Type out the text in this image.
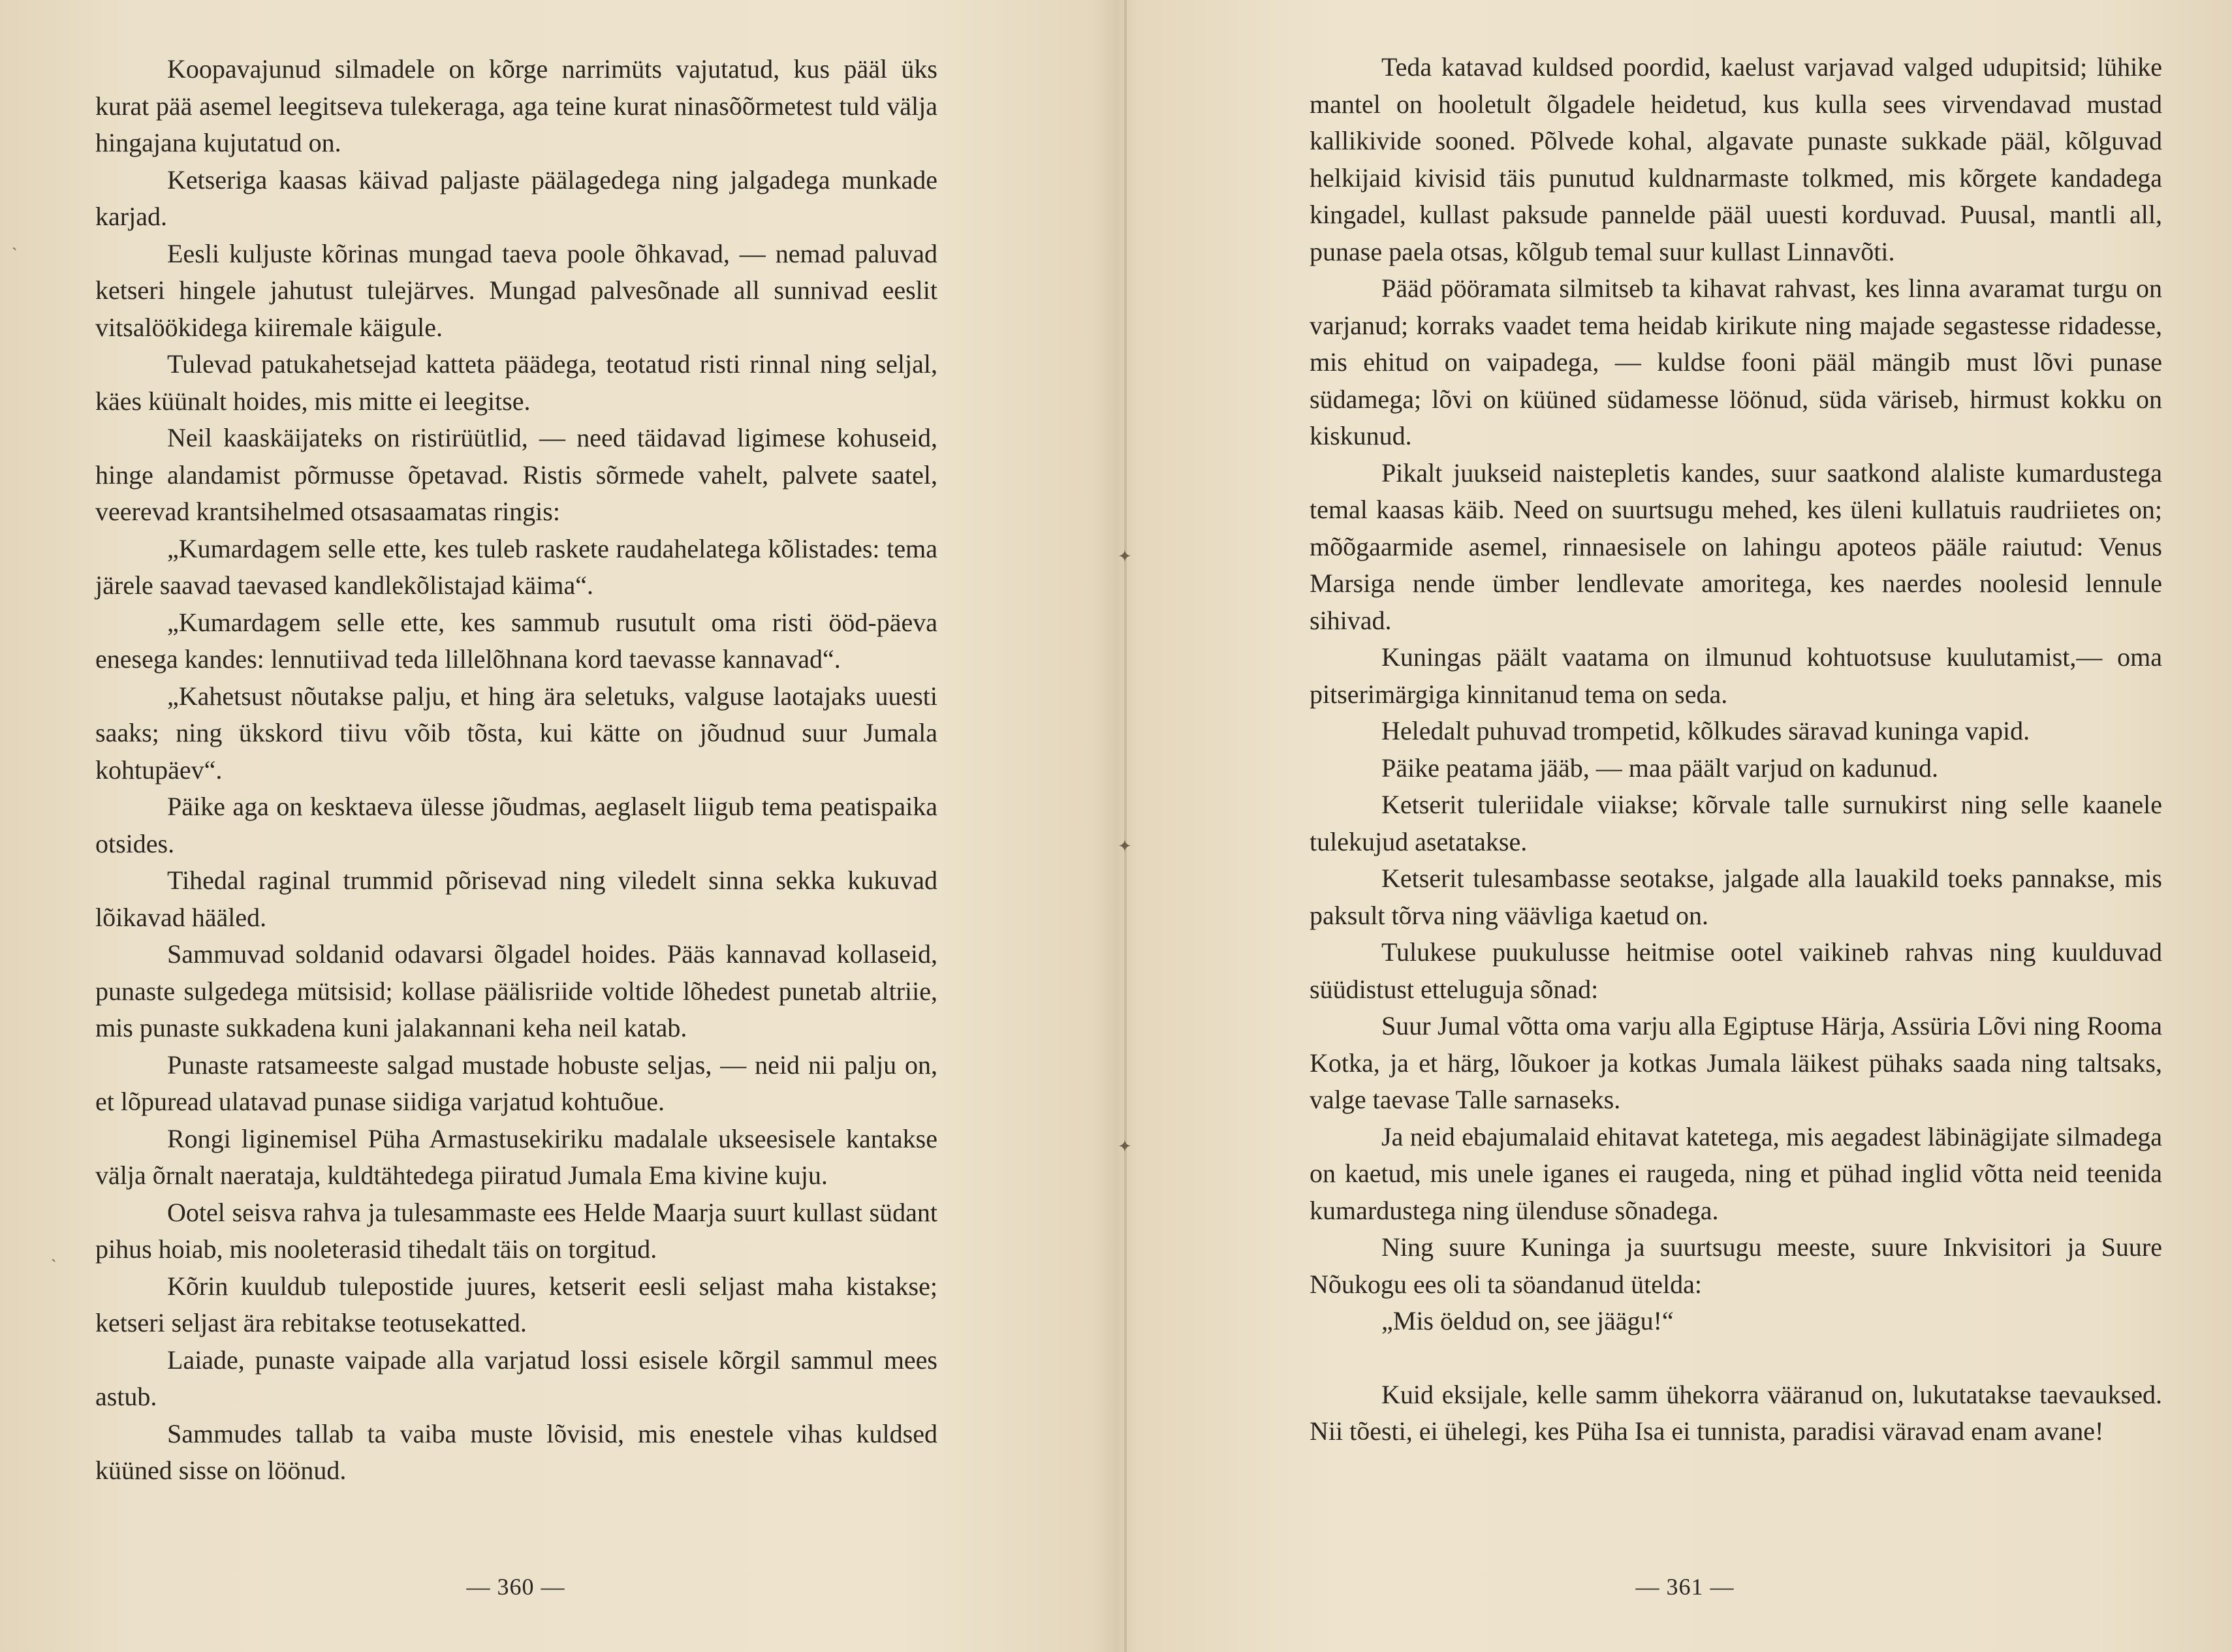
Koopavajunud silmadele on kõrge narrimüts vajutatud, kus pääl üks kurat pää asemel leegitseva tulekeraga, aga teine kurat ninasõõrmetest tuld välja hingajana kujutatud on.

Ketseriga kaasas käivad paljaste päälagedega ning jalgadega munkade karjad.

Eesli kuljuste kõrinas mungad taeva poole õhkavad, — nemad paluvad ketseri hingele jahutust tulejärves. Mungad palvesõnade all sunnivad eeslit vitsalöökidega kiiremale käigule.

Tulevad patukahetsejad katteta päädega, teotatud risti rinnal ning seljal, käes küünalt hoides, mis mitte ei leegitse.

Neil kaaskäijateks on ristirüütlid, — need täidavad ligimese kohuseid, hinge alandamist põrmusse õpetavad. Ristis sõrmede vahelt, palvete saatel, veerevad krantsihelmed otsasaamatas ringis:

„Kumardagem selle ette, kes tuleb raskete raudahelatega kõlistades: tema järele saavad taevased kandlekõlistajad käima“.

„Kumardagem selle ette, kes sammub rusutult oma risti ööd-päeva enesega kandes: lennutiivad teda lillelõhnana kord taevasse kannavad“.

„Kahetsust nõutakse palju, et hing ära seletuks, valguse laotajaks uuesti saaks; ning ükskord tiivu võib tõsta, kui kätte on jõudnud suur Jumala kohtupäev“.

Päike aga on kesktaeva ülesse jõudmas, aeglaselt liigub tema peatispaika otsides.

Tihedal raginal trummid põrisevad ning viledelt sinna sekka kukuvad lõikavad hääled.

Sammuvad soldanid odavarsi õlgadel hoides. Pääs kannavad kollaseid, punaste sulgedega mütsisid; kollase päälisriide voltide lõhedest punetab altriie, mis punaste sukkadena kuni jalakannani keha neil katab.

Punaste ratsameeste salgad mustade hobuste seljas, — neid nii palju on, et lõpuread ulatavad punase siidiga varjatud kohtuõue.

Rongi liginemisel Püha Armastusekiriku madalale ukseesisele kantakse välja õrnalt naerataja, kuldtähtedega piiratud Jumala Ema kivine kuju.

Ootel seisva rahva ja tulesammaste ees Helde Maarja suurt kullast südant pihus hoiab, mis nooleterasid tihedalt täis on torgitud.

Kõrin kuuldub tulepostide juures, ketserit eesli seljast maha kistakse; ketseri seljast ära rebitakse teotusekatted.

Laiade, punaste vaipade alla varjatud lossi esisele kõrgil sammul mees astub.

Sammudes tallab ta vaiba muste lõvisid, mis enestele vihas kuldsed küüned sisse on löönud.

— 360 —
ˏ
ˏ

Teda katavad kuldsed poordid, kaelust varjavad valged udupitsid; lühike mantel on hooletult õlgadele heidetud, kus kulla sees virvendavad mustad kallikivide sooned. Põlvede kohal, algavate punaste sukkade pääl, kõlguvad helkijaid kivisid täis punutud kuldnarmaste tolkmed, mis kõrgete kandadega kingadel, kullast paksude pannelde pääl uuesti korduvad. Puusal, mantli all, punase paela otsas, kõlgub temal suur kullast Linnavõti.

Pääd pööramata silmitseb ta kihavat rahvast, kes linna avaramat turgu on varjanud; korraks vaadet tema heidab kirikute ning majade segastesse ridadesse, mis ehitud on vaipadega, — kuldse fooni pääl mängib must lõvi punase südamega; lõvi on küüned südamesse löönud, süda väriseb, hirmust kokku on kiskunud.

Pikalt juukseid naistepletis kandes, suur saatkond alaliste kumardustega temal kaasas käib. Need on suurtsugu mehed, kes üleni kullatuis raudriietes on; mõõgaarmide asemel, rinnaesisele on lahingu apoteos pääle raiutud: Venus Marsiga nende ümber lendlevate amoritega, kes naerdes noolesid lennule sihivad.

Kuningas päält vaatama on ilmunud kohtuotsuse kuulutamist,— oma pitserimärgiga kinnitanud tema on seda.

Heledalt puhuvad trompetid, kõlkudes säravad kuninga vapid.

Päike peatama jääb, — maa päält varjud on kadunud.

Ketserit tuleriidale viiakse; kõrvale talle surnukirst ning selle kaanele tulekujud asetatakse.

Ketserit tulesambasse seotakse, jalgade alla lauakild toeks pannakse, mis paksult tõrva ning väävliga kaetud on.

Tulukese puukulusse heitmise ootel vaikineb rahvas ning kuulduvad süüdistust etteluguja sõnad:

Suur Jumal võtta oma varju alla Egiptuse Härja, Assüria Lõvi ning Rooma Kotka, ja et härg, lõukoer ja kotkas Jumala läikest pühaks saada ning taltsaks, valge taevase Talle sarnaseks.

Ja neid ebajumalaid ehitavat katetega, mis aegadest läbinägijate silmadega on kaetud, mis unele iganes ei raugeda, ning et pühad inglid võtta neid teenida kumardustega ning ülenduse sõnadega.

Ning suure Kuninga ja suurtsugu meeste, suure Inkvisitori ja Suure Nõukogu ees oli ta söandanud ütelda:

„Mis öeldud on, see jäägu!“

Kuid eksijale, kelle samm ühekorra vääranud on, lukutatakse taevauksed. Nii tõesti, ei ühelegi, kes Püha Isa ei tunnista, paradisi väravad enam avane!

— 361 —
✦
✦
✦
